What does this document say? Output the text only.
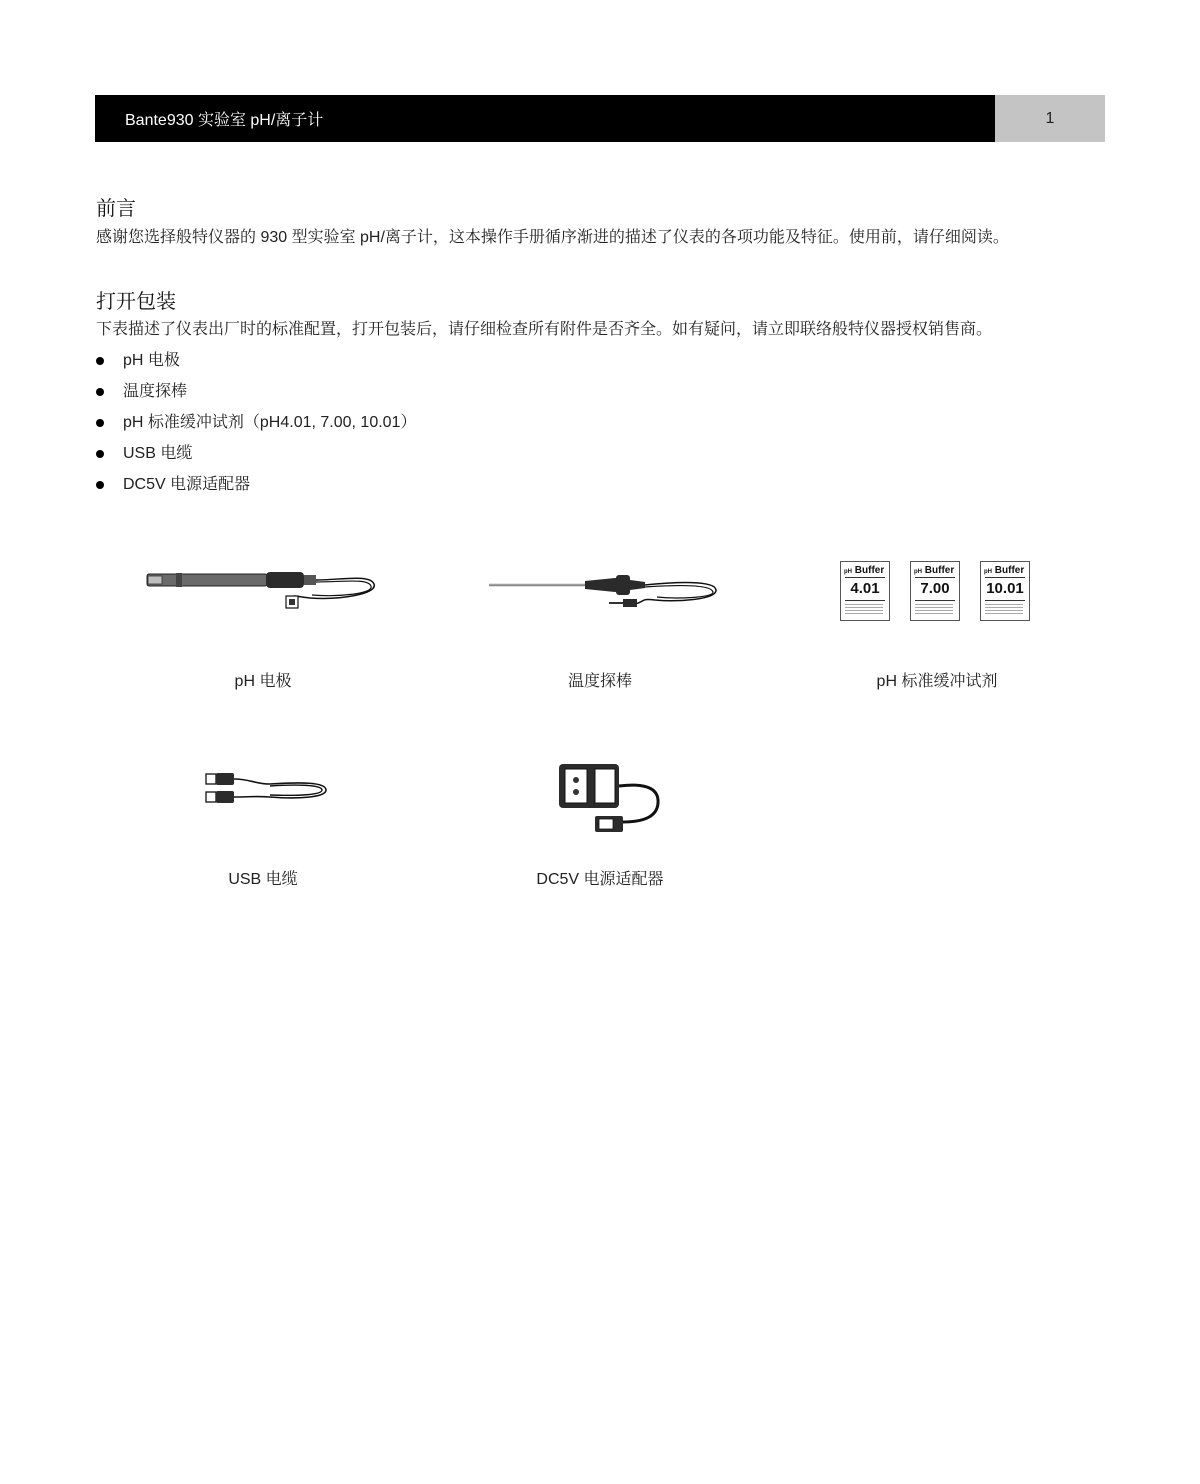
Bante930 实验室 pH/离子计	1
前言

感谢您选择般特仪器的 930 型实验室 pH/离子计，这本操作手册循序渐进的描述了仪表的各项功能及特征。使用前，请仔细阅读。

打开包装

下表描述了仪表出厂时的标准配置，打开包装后，请仔细检查所有附件是否齐全。如有疑问，请立即联络般特仪器授权销售商。

pH 电极
温度探棒
pH 标准缓冲试剂（pH4.01, 7.00, 10.01）
USB 电缆
DC5V 电源适配器
pH 电极	温度探棒
pH Buffer
4.01
pH Buffer
7.00
pH Buffer
10.01
pH 标准缓冲试剂
USB 电缆	DC5V 电源适配器
